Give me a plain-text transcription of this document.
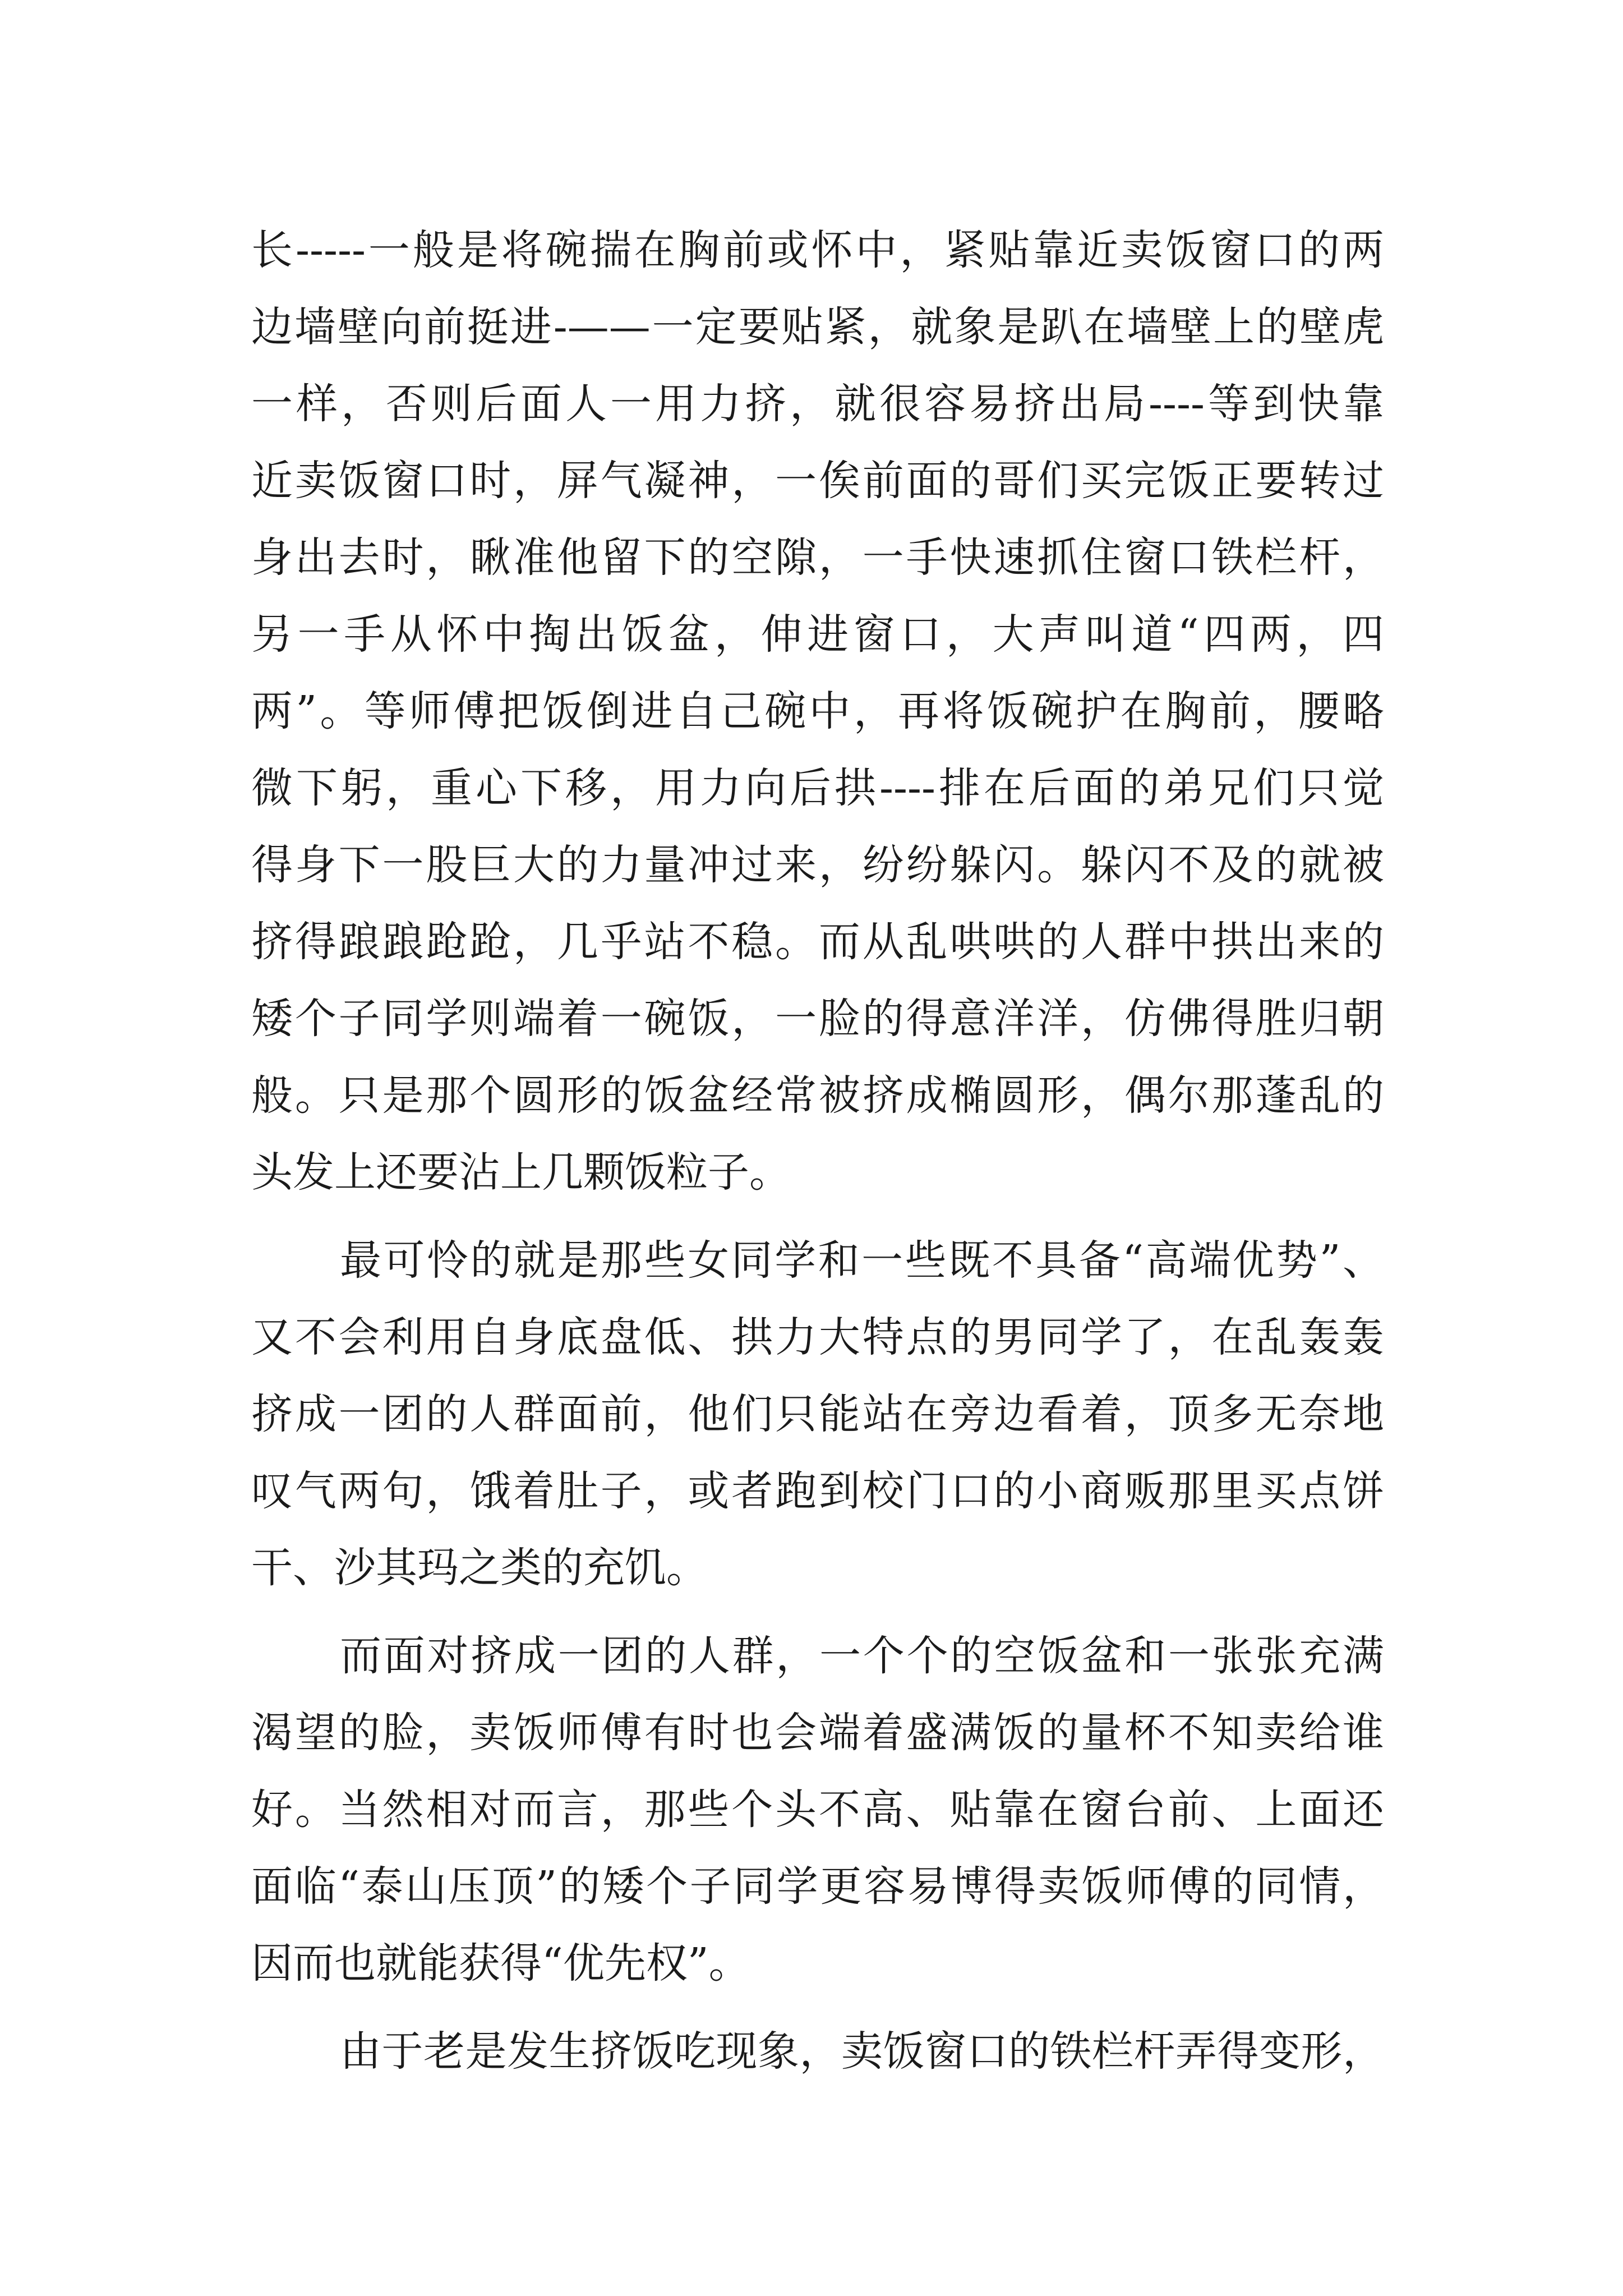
长-----一般是将碗揣在胸前或怀中，紧贴靠近卖饭窗口的两
边墙壁向前挺进-——一定要贴紧，就象是趴在墙壁上的壁虎
一样，否则后面人一用力挤，就很容易挤出局----等到快靠
近卖饭窗口时，屏气凝神，一俟前面的哥们买完饭正要转过
身出去时，瞅准他留下的空隙，一手快速抓住窗口铁栏杆，
另一手从怀中掏出饭盆，伸进窗口，大声叫道“四两，四
两”。等师傅把饭倒进自己碗中，再将饭碗护在胸前，腰略
微下躬，重心下移，用力向后拱----排在后面的弟兄们只觉
得身下一股巨大的力量冲过来，纷纷躲闪。躲闪不及的就被
挤得踉踉跄跄，几乎站不稳。而从乱哄哄的人群中拱出来的
矮个子同学则端着一碗饭，一脸的得意洋洋，仿佛得胜归朝
般。只是那个圆形的饭盆经常被挤成椭圆形，偶尔那蓬乱的
头发上还要沾上几颗饭粒子。
最可怜的就是那些女同学和一些既不具备“高端优势”、
又不会利用自身底盘低、拱力大特点的男同学了，在乱轰轰
挤成一团的人群面前，他们只能站在旁边看着，顶多无奈地
叹气两句，饿着肚子，或者跑到校门口的小商贩那里买点饼
干、沙其玛之类的充饥。
而面对挤成一团的人群，一个个的空饭盆和一张张充满
渴望的脸，卖饭师傅有时也会端着盛满饭的量杯不知卖给谁
好。当然相对而言，那些个头不高、贴靠在窗台前、上面还
面临“泰山压顶”的矮个子同学更容易博得卖饭师傅的同情，
因而也就能获得“优先权”。
由于老是发生挤饭吃现象，卖饭窗口的铁栏杆弄得变形，
